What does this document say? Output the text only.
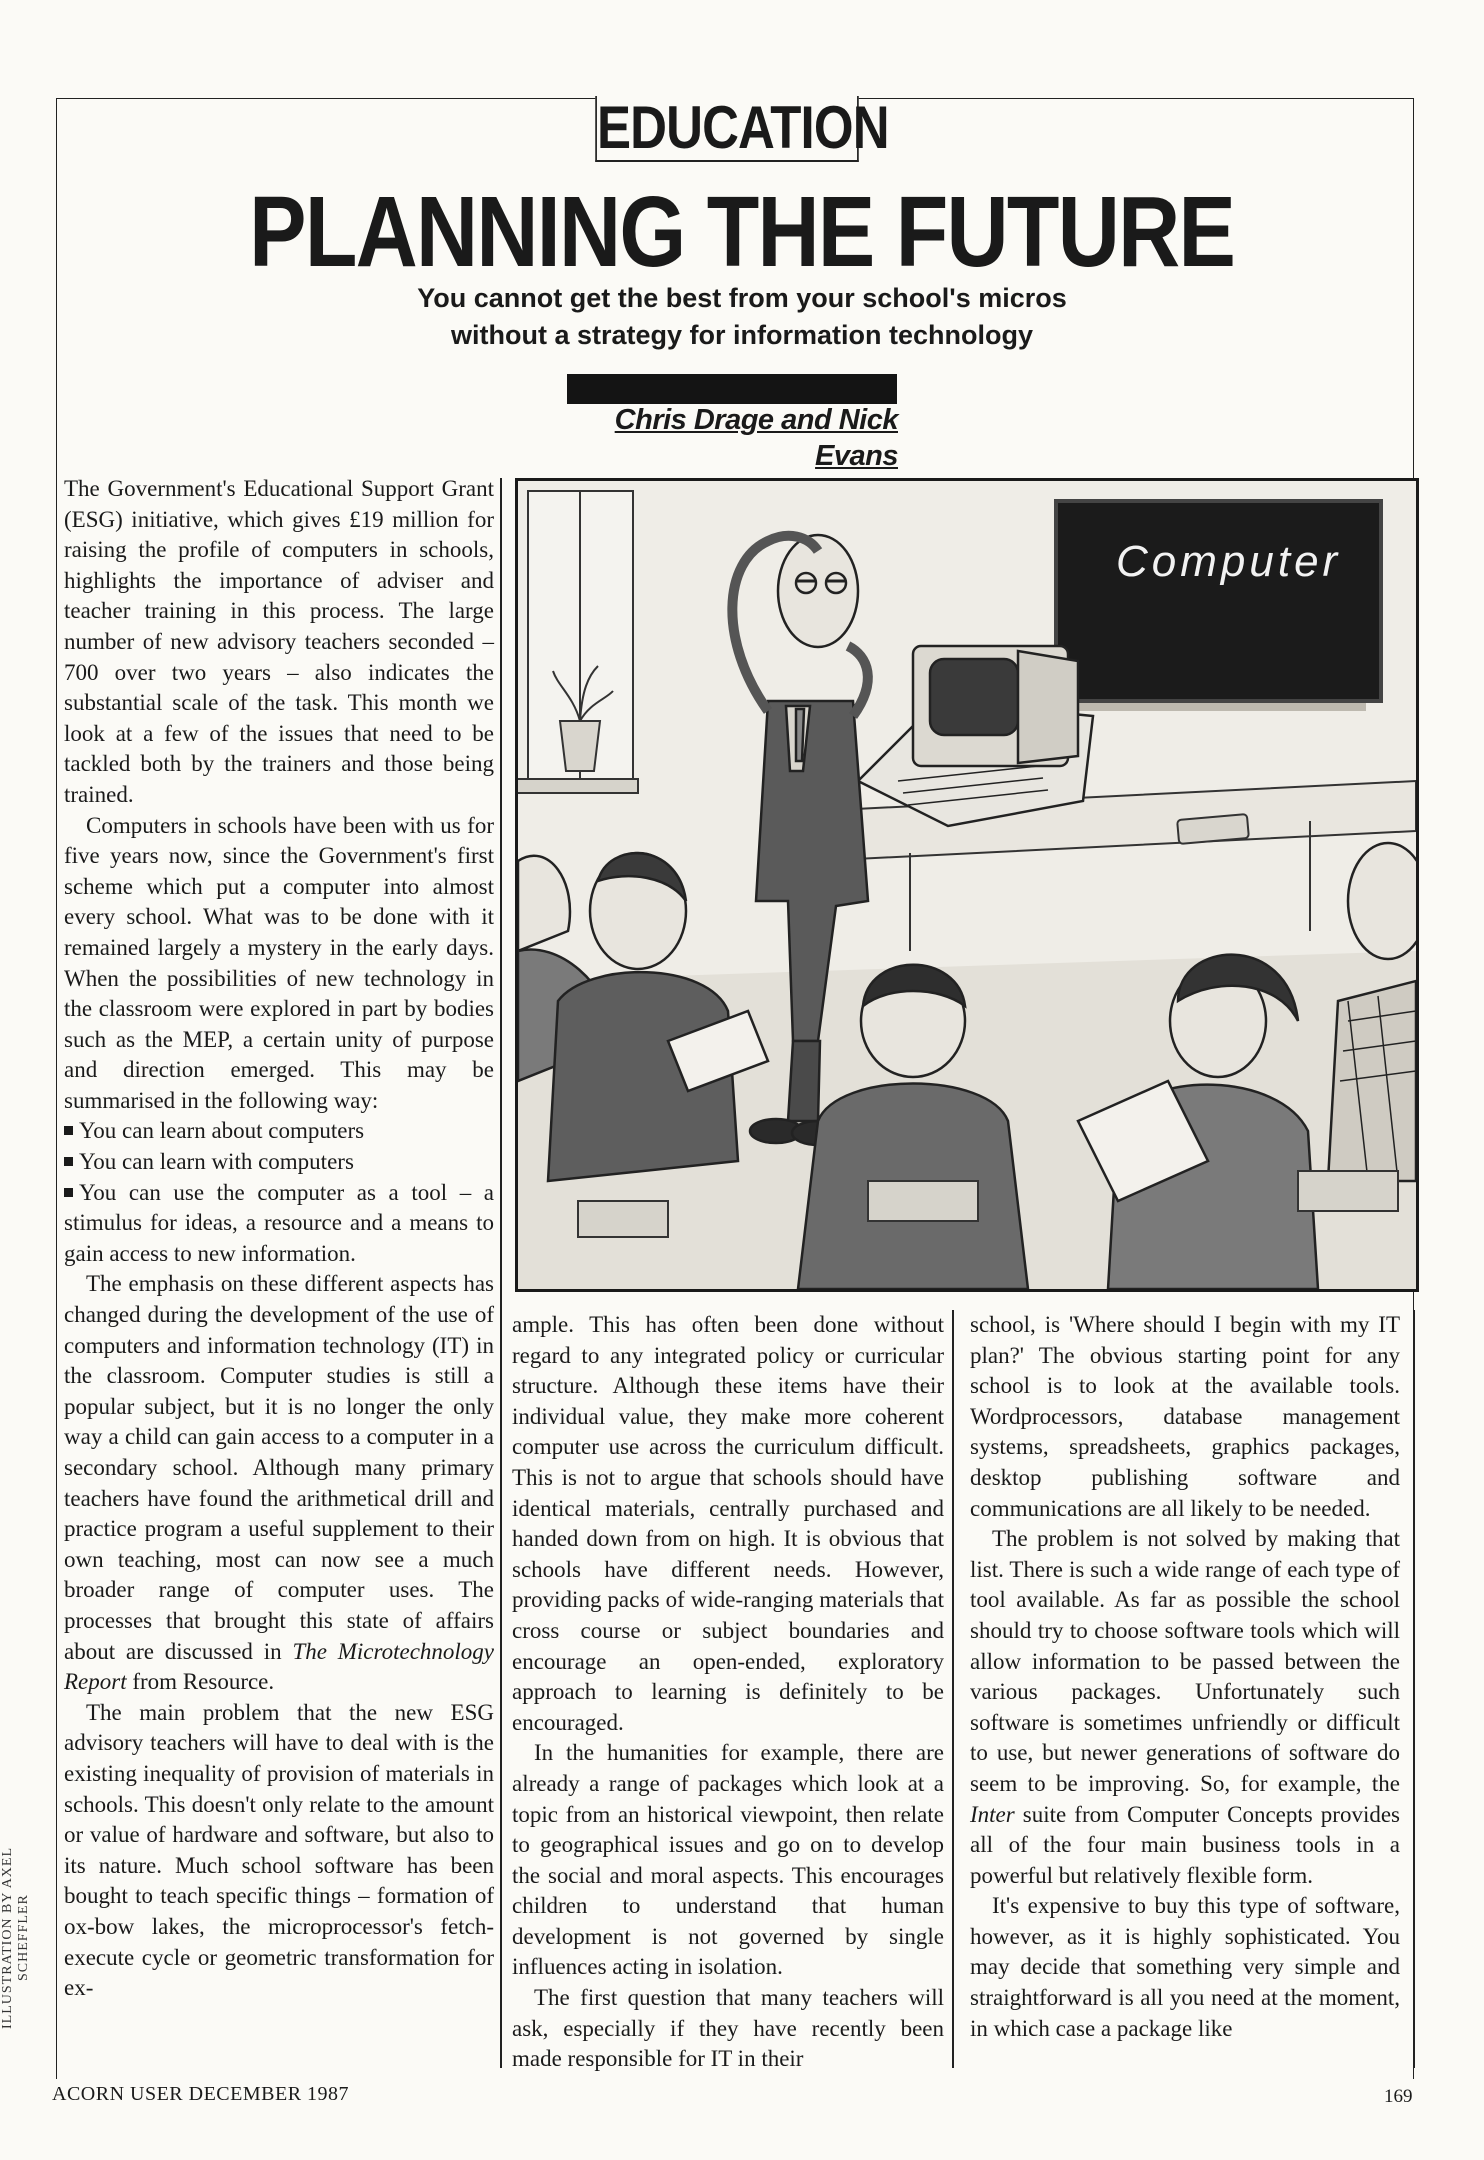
EDUCATION
PLANNING THE FUTURE
You cannot get the best from your school's micros
without a strategy for information technology
Chris Drage and Nick Evans
Computer

The Government's Educational Support Grant (ESG) initiative, which gives £19 million for raising the profile of computers in schools, highlights the importance of adviser and teacher training in this process. The large number of new advisory teachers seconded – 700 over two years – also indicates the substantial scale of the task. This month we look at a few of the issues that need to be tackled both by the trainers and those being trained.

Computers in schools have been with us for five years now, since the Government's first scheme which put a computer into almost every school. What was to be done with it remained largely a mystery in the early days. When the possibilities of new technology in the classroom were explored in part by bodies such as the MEP, a certain unity of purpose and direction emerged. This may be summarised in the following way:

You can learn about computers

You can learn with computers

You can use the computer as a tool – a stimulus for ideas, a resource and a means to gain access to new information.

The emphasis on these different aspects has changed during the development of the use of computers and information technology (IT) in the classroom. Computer studies is still a popular subject, but it is no longer the only way a child can gain access to a computer in a secondary school. Although many primary teachers have found the arithmetical drill and practice program a useful supplement to their own teaching, most can now see a much broader range of computer uses. The processes that brought this state of affairs about are discussed in The Microtechnology Report from Resource.

The main problem that the new ESG advisory teachers will have to deal with is the existing inequality of provision of materials in schools. This doesn't only relate to the amount or value of hardware and software, but also to its nature. Much school software has been bought to teach specific things – formation of ox-bow lakes, the microprocessor's fetch-execute cycle or geometric transformation for ex-

ample. This has often been done without regard to any integrated policy or curricular structure. Although these items have their individual value, they make more coherent computer use across the curriculum difficult. This is not to argue that schools should have identical materials, centrally purchased and handed down from on high. It is obvious that schools have different needs. However, providing packs of wide-ranging materials that cross course or subject boundaries and encourage an open-ended, exploratory approach to learning is definitely to be encouraged.

In the humanities for example, there are already a range of packages which look at a topic from an historical viewpoint, then relate to geographical issues and go on to develop the social and moral aspects. This encourages children to understand that human development is not governed by single influences acting in isolation.

The first question that many teachers will ask, especially if they have recently been made responsible for IT in their

school, is 'Where should I begin with my IT plan?' The obvious starting point for any school is to look at the available tools. Wordprocessors, database management systems, spreadsheets, graphics packages, desktop publishing software and communications are all likely to be needed.

The problem is not solved by making that list. There is such a wide range of each type of tool available. As far as possible the school should try to choose software tools which will allow information to be passed between the various packages. Unfortunately such software is sometimes unfriendly or difficult to use, but newer generations of software do seem to be improving. So, for example, the Inter suite from Computer Concepts provides all of the four main business tools in a powerful but relatively flexible form.

It's expensive to buy this type of software, however, as it is highly sophisticated. You may decide that something very simple and straightforward is all you need at the moment, in which case a package like

ILLUSTRATION BY AXEL SCHEFFLER
ACORN USER DECEMBER 1987	169
